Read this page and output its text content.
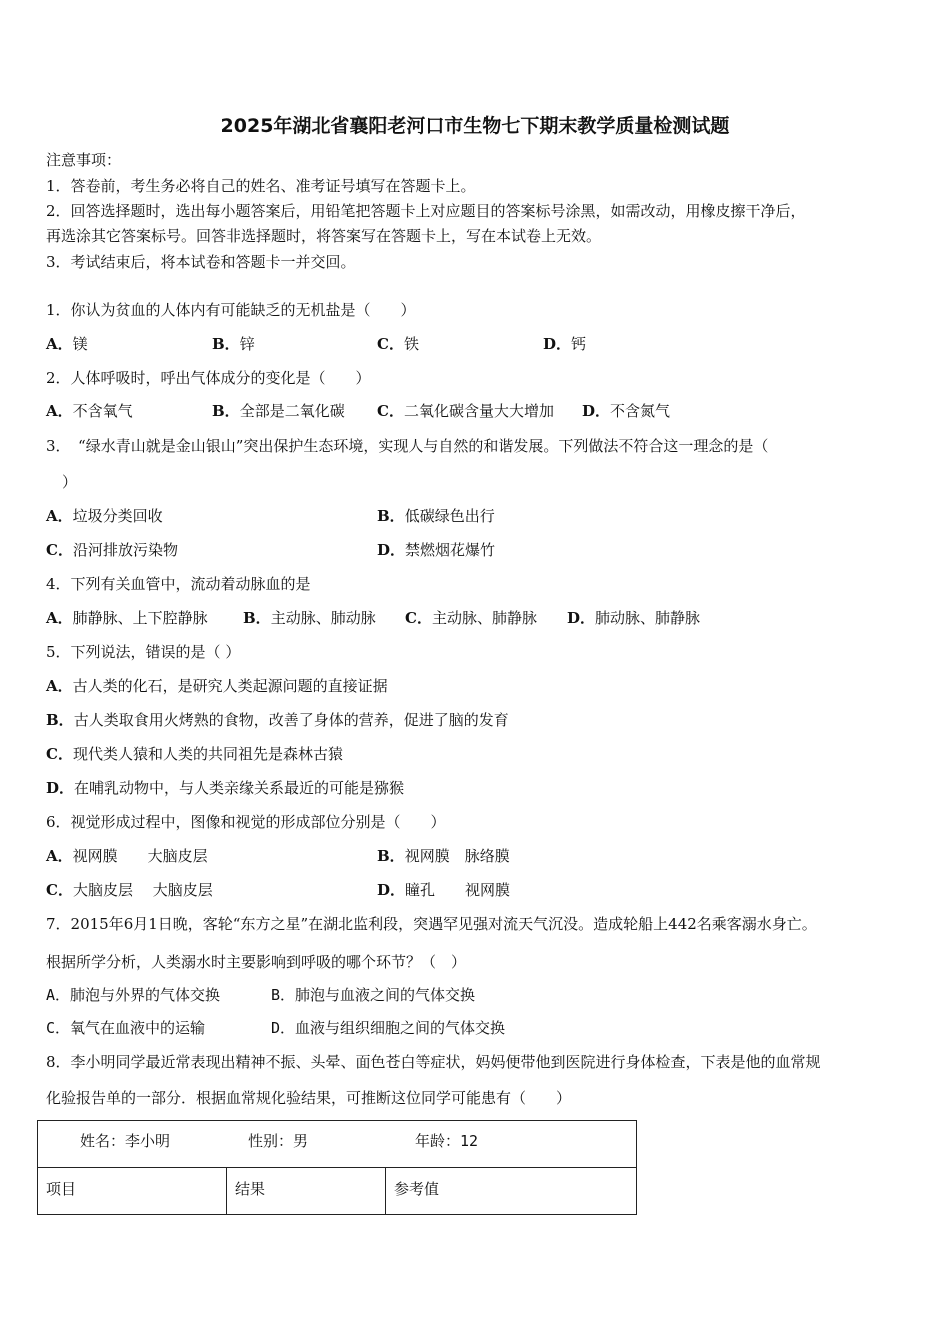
2025年湖北省襄阳老河口市生物七下期末教学质量检测试题
注意事项：
1．答卷前，考生务必将自己的姓名、准考证号填写在答题卡上。
2．回答选择题时，选出每小题答案后，用铅笔把答题卡上对应题目的答案标号涂黑，如需改动，用橡皮擦干净后，
再选涂其它答案标号。回答非选择题时，将答案写在答题卡上，写在本试卷上无效。
3．考试结束后，将本试卷和答题卡一并交回。
1．你认为贫血的人体内有可能缺乏的无机盐是（　　）
A．镁	B．锌	C．铁	D．钙
2．人体呼吸时，呼出气体成分的变化是（　　）
A．不含氧气	B．全部是二氧化碳 C．二氧化碳含量大大增加 D．不含氮气
3．　“绿水青山就是金山银山”突出保护生态环境，实现人与自然的和谐发展。下列做法不符合这一理念的是（
）
A．垃圾分类回收	B．低碳绿色出行
C．沿河排放污染物	D．禁燃烟花爆竹
4．下列有关血管中，流动着动脉血的是
A．肺静脉、上下腔静脉 B．主动脉、肺动脉 C．主动脉、肺静脉 D．肺动脉、肺静脉
5．下列说法，错误的是（ ）
A．古人类的化石，是研究人类起源问题的直接证据
B．古人类取食用火烤熟的食物，改善了身体的营养，促进了脑的发育
C．现代类人猿和人类的共同祖先是森林古猿
D．在哺乳动物中，与人类亲缘关系最近的可能是猕猴
6．视觉形成过程中，图像和视觉的形成部位分别是（　　）
A．视网膜　　大脑皮层	B．视网膜　脉络膜
C．大脑皮层　 大脑皮层	D．瞳孔　　视网膜
7．2015年6月1日晚，客轮“东方之星”在湖北监利段，突遇罕见强对流天气沉没。造成轮船上442名乘客溺水身亡。
根据所学分析，人类溺水时主要影响到呼吸的哪个环节？（　）
A．肺泡与外界的气体交换	B．肺泡与血液之间的气体交换
C．氧气在血液中的运输	D．血液与组织细胞之间的气体交换
8．李小明同学最近常表现出精神不振、头晕、面色苍白等症状，妈妈便带他到医院进行身体检查，下表是他的血常规
化验报告单的一部分．根据血常规化验结果，可推断这位同学可能患有（　　）
姓名：李小明	性别：男	年龄：12
项目	结果	参考值
